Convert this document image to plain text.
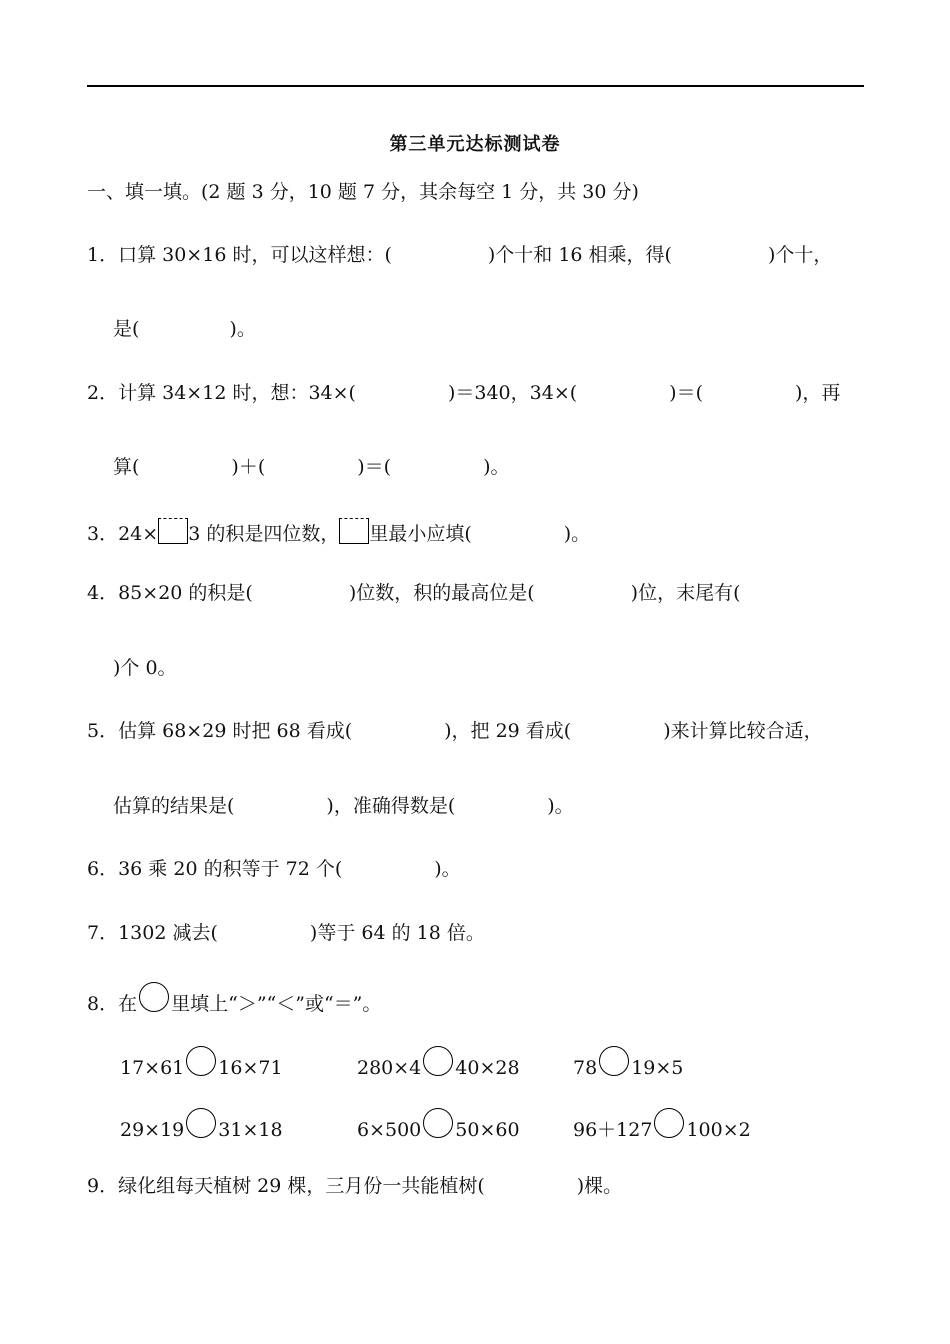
第三单元达标测试卷
一、填一填。(2 题 3 分，10 题 7 分，其余每空 1 分，共 30 分)
1．口算 30×16 时，可以这样想：(	)个十和 16 相乘，得(	)个十，
是(	)。
2．计算 34×12 时，想：34×(	)＝340，34×(	)＝(	)，再
算(	)＋(	)＝(	)。
3．24× 3 的积是四位数， 里最小应填(	)。
4．85×20 的积是(	)位数，积的最高位是(	)位，末尾有(
)个 0。
5．估算 68×29 时把 68 看成(	)，把 29 看成(	)来计算比较合适，
估算的结果是(	)，准确得数是(	)。
6．36 乘 20 的积等于 72 个(	)。
7．1302 减去(	)等于 64 的 18 倍。
8．在 里填上“＞”“＜”或“＝”。
17×61 16×71	280×4 40×28	78 19×5
29×19 31×18	6×500 50×60	96＋127 100×2
9．绿化组每天植树 29 棵，三月份一共能植树(	)棵。
